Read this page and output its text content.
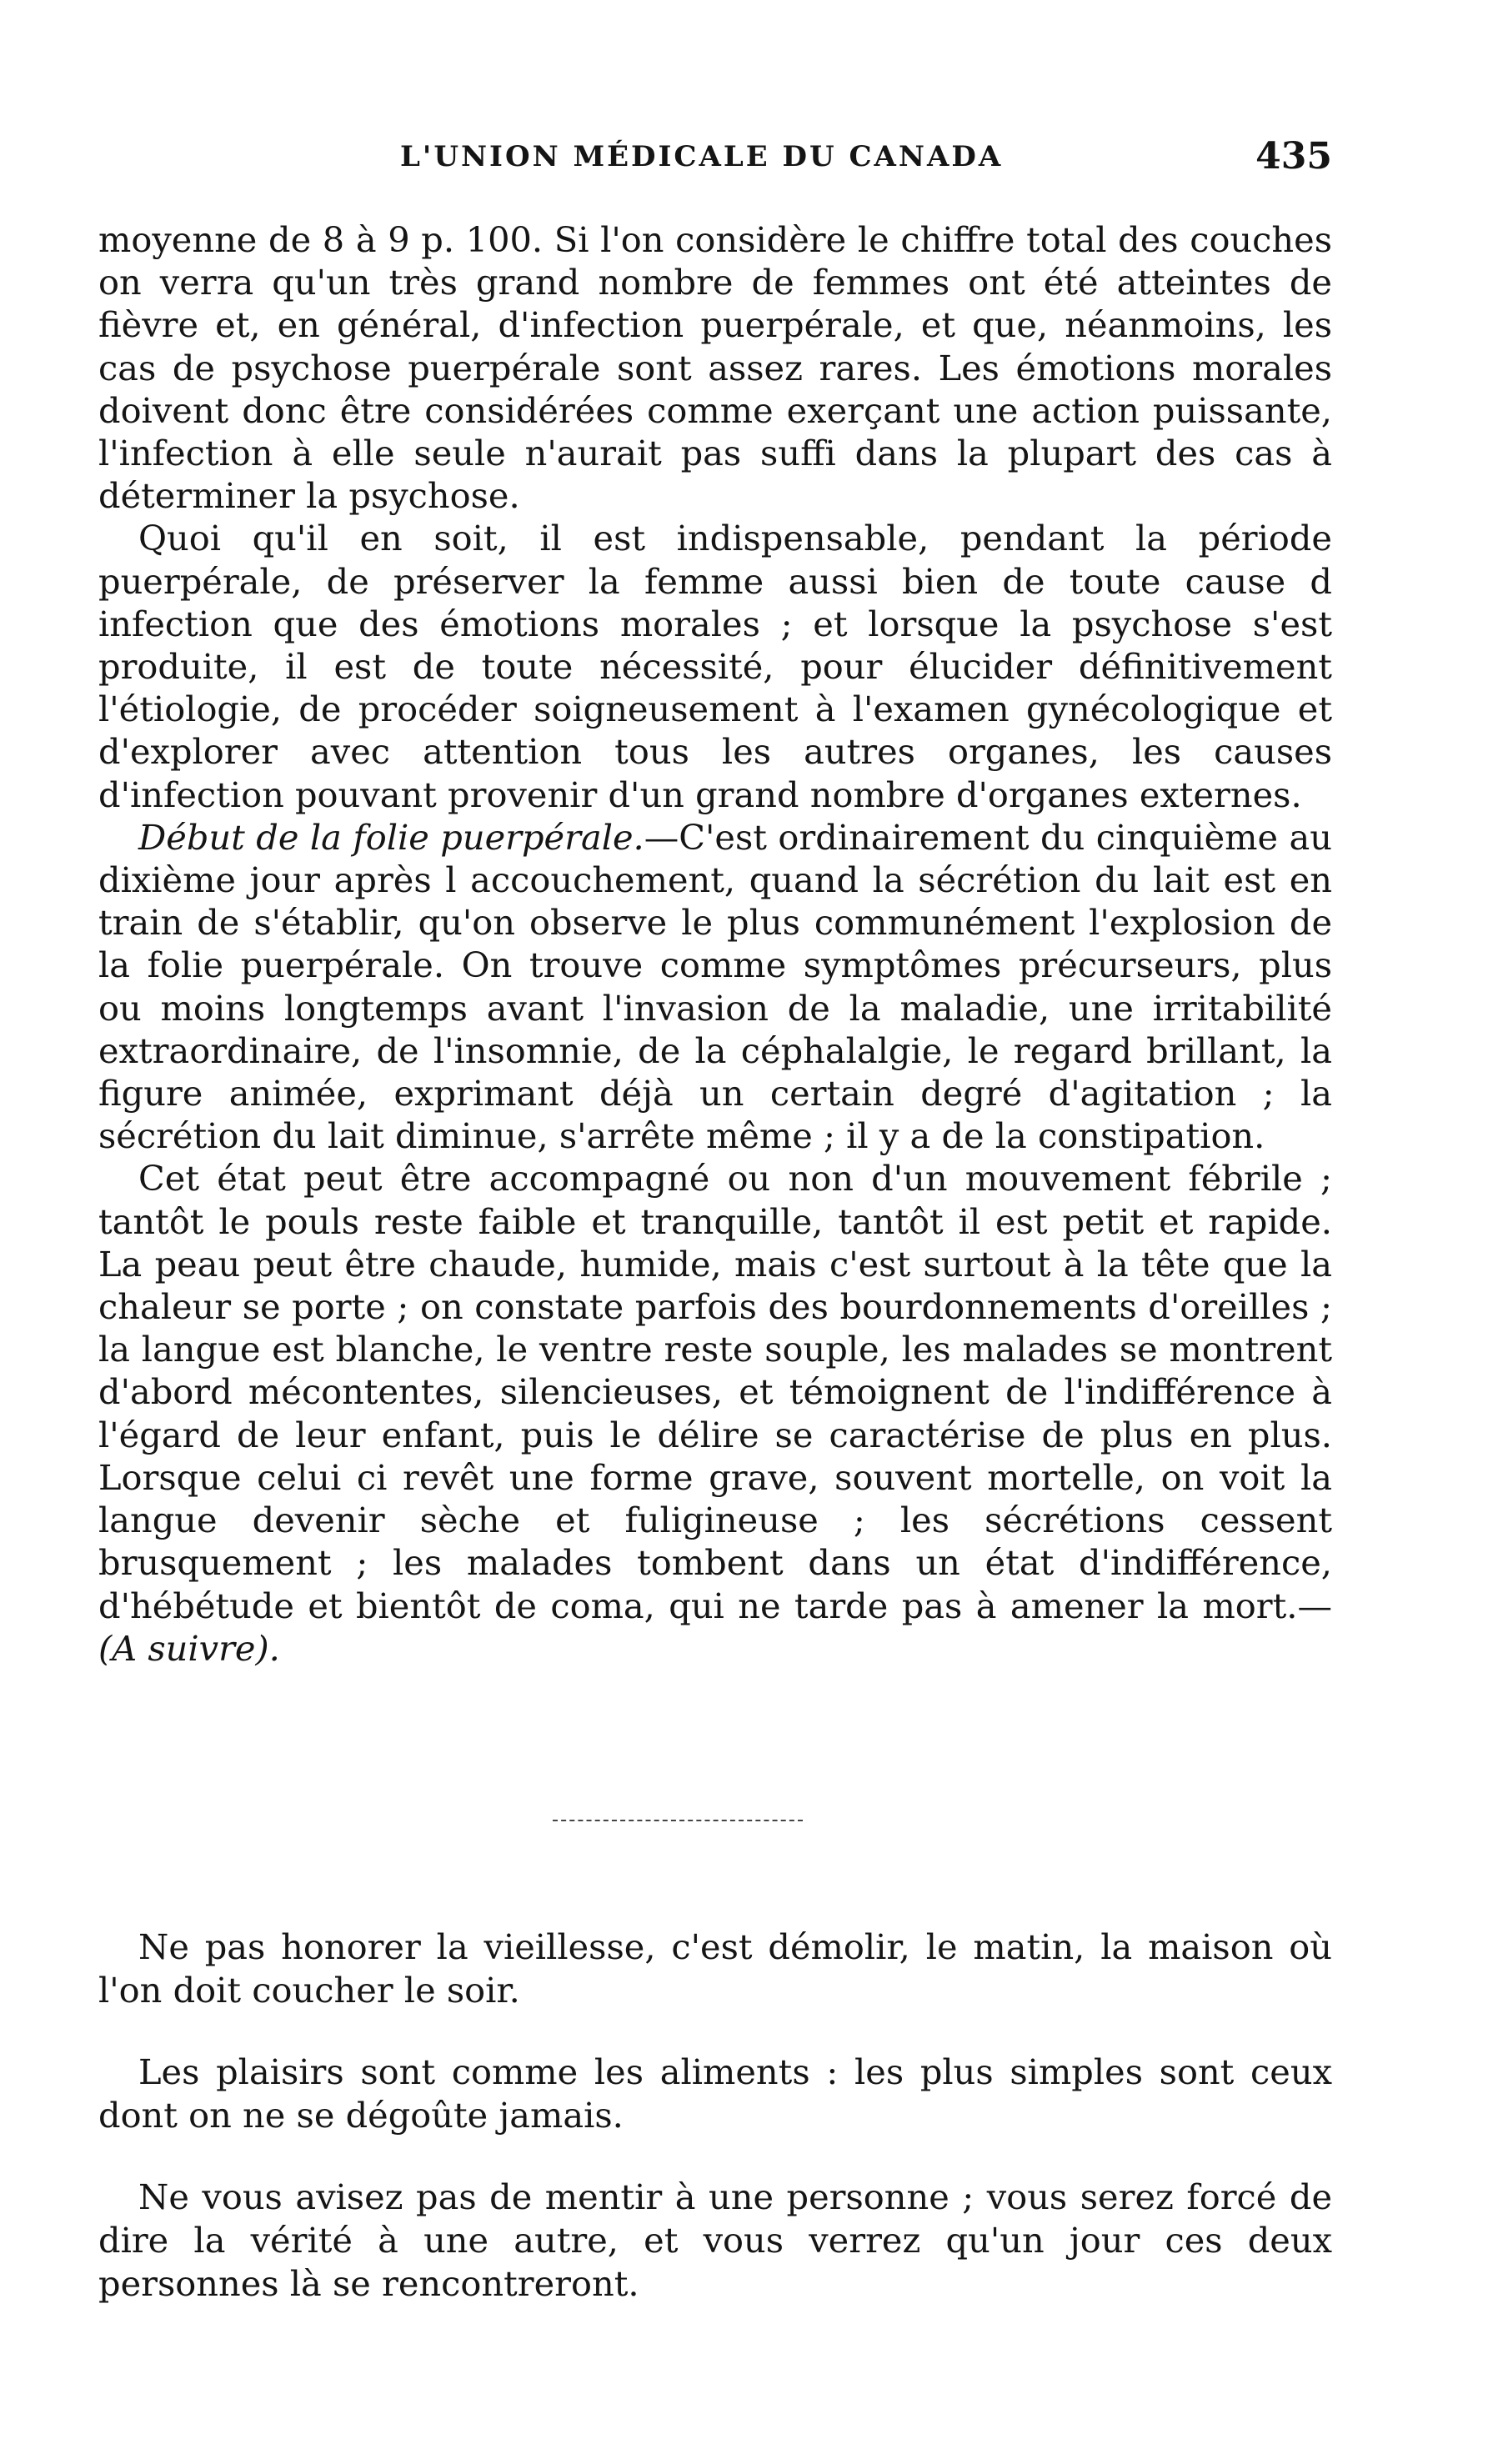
L'UNION MÉDICALE DU CANADA	435

moyenne de 8 à 9 p. 100. Si l'on considère le chiffre total des couches on verra qu'un très grand nombre de femmes ont été atteintes de fièvre et, en général, d'infection puerpérale, et que, néanmoins, les cas de psychose puerpérale sont assez rares. Les émotions morales doivent donc être considérées comme exerçant une action puissante, l'infection à elle seule n'aurait pas suffi dans la plupart des cas à déterminer la psychose.

Quoi qu'il en soit, il est indispensable, pendant la période puerpérale, de préserver la femme aussi bien de toute cause d infection que des émotions morales ; et lorsque la psychose s'est produite, il est de toute nécessité, pour élucider définitivement l'étiologie, de procéder soigneusement à l'examen gynécologique et d'explorer avec attention tous les autres organes, les causes d'infection pouvant provenir d'un grand nombre d'organes externes.

Début de la folie puerpérale.—C'est ordinairement du cinquième au dixième jour après l accouchement, quand la sécrétion du lait est en train de s'établir, qu'on observe le plus communément l'explosion de la folie puerpérale. On trouve comme symptômes précurseurs, plus ou moins longtemps avant l'invasion de la maladie, une irritabilité extraordinaire, de l'insomnie, de la céphalalgie, le regard brillant, la figure animée, exprimant déjà un certain degré d'agitation ; la sécrétion du lait diminue, s'arrête même ; il y a de la constipation.

Cet état peut être accompagné ou non d'un mouvement fébrile ; tantôt le pouls reste faible et tranquille, tantôt il est petit et rapide. La peau peut être chaude, humide, mais c'est surtout à la tête que la chaleur se porte ; on constate parfois des bourdonnements d'oreilles ; la langue est blanche, le ventre reste souple, les malades se montrent d'abord mécontentes, silencieuses, et témoignent de l'indifférence à l'égard de leur enfant, puis le délire se caractérise de plus en plus. Lorsque celui ci revêt une forme grave, souvent mortelle, on voit la langue devenir sèche et fuligineuse ; les sécrétions cessent brusquement ; les malades tombent dans un état d'indifférence, d'hébétude et bientôt de coma, qui ne tarde pas à amener la mort.—(A suivre).

Ne pas honorer la vieillesse, c'est démolir, le matin, la maison où l'on doit coucher le soir.

Les plaisirs sont comme les aliments : les plus simples sont ceux dont on ne se dégoûte jamais.

Ne vous avisez pas de mentir à une personne ; vous serez forcé de dire la vérité à une autre, et vous verrez qu'un jour ces deux personnes là se rencontreront.
